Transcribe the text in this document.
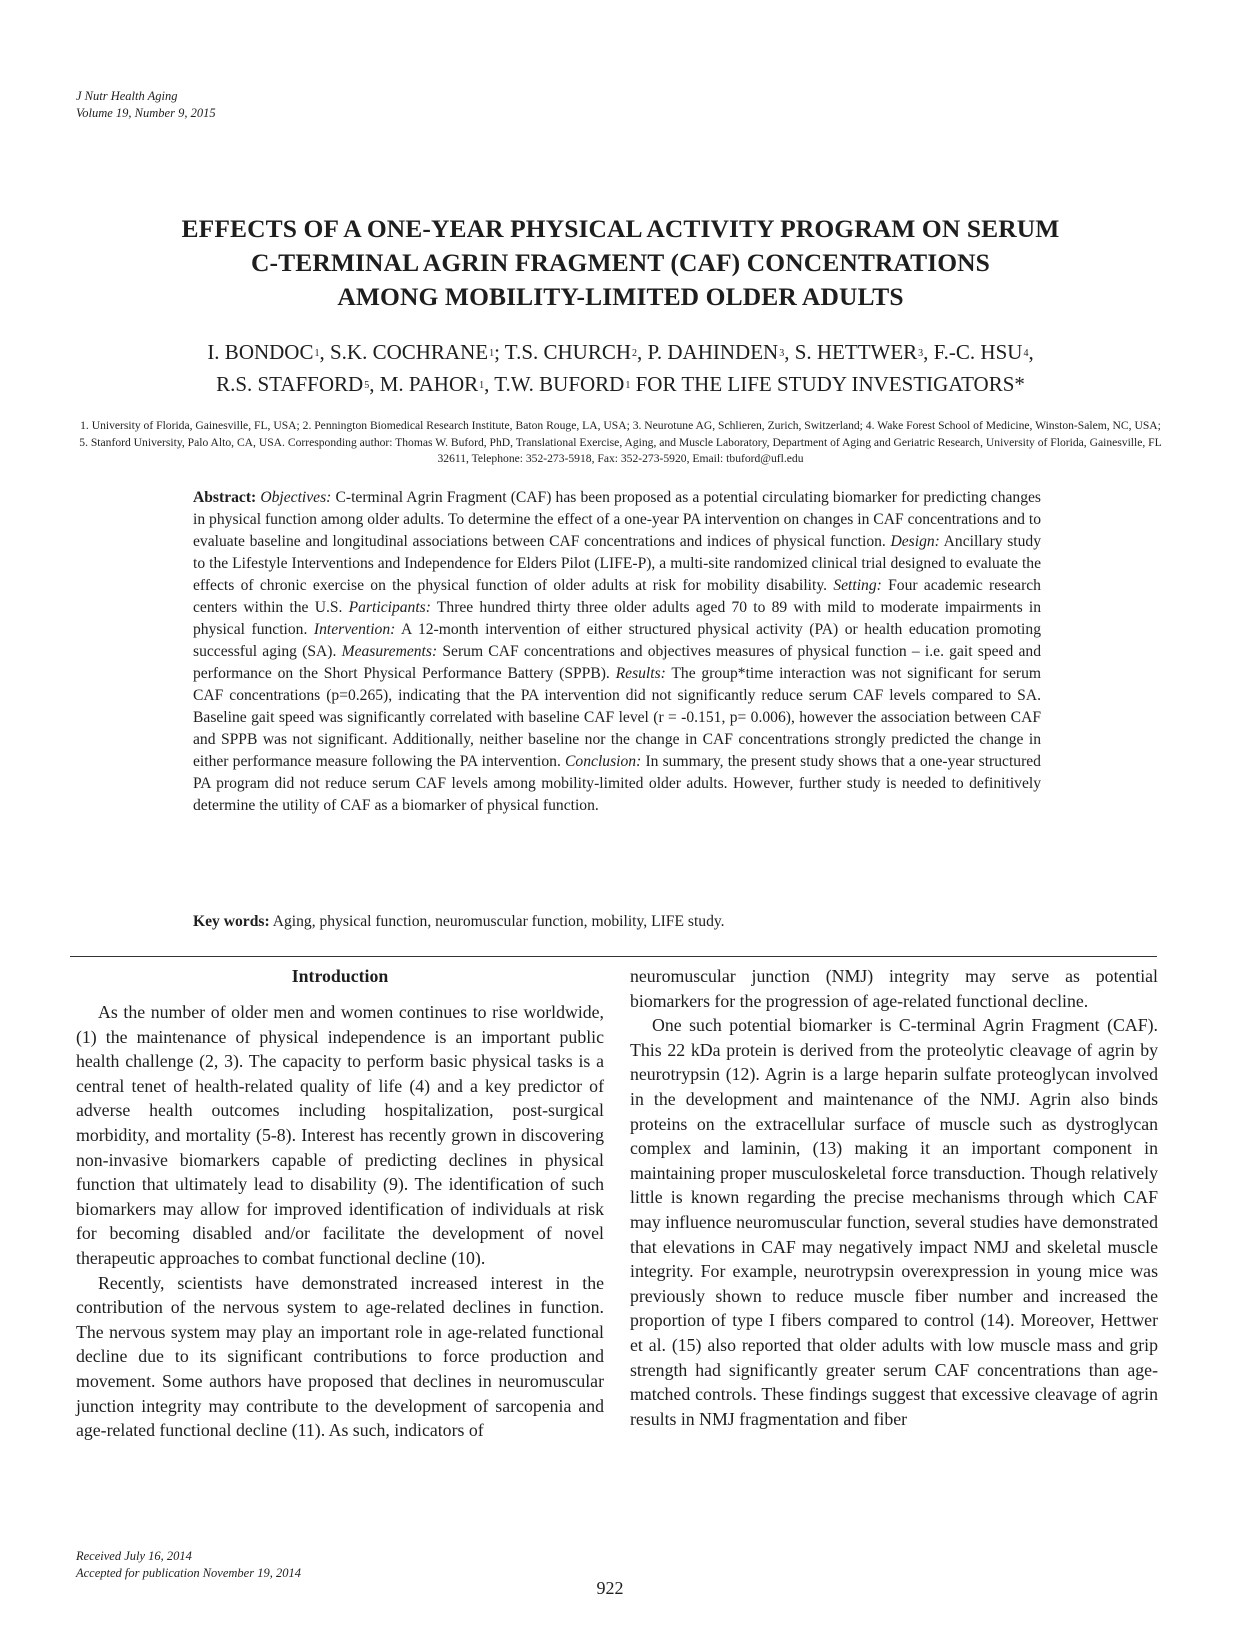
J Nutr Health Aging
Volume 19, Number 9, 2015
EFFECTS OF A ONE-YEAR PHYSICAL ACTIVITY PROGRAM ON SERUM
C-TERMINAL AGRIN FRAGMENT (CAF) CONCENTRATIONS
AMONG MOBILITY-LIMITED OLDER ADULTS
I. BONDOC$^1$, S.K. COCHRANE$^1$; T.S. CHURCH$^2$, P. DAHINDEN$^3$, S. HETTWER$^3$, F.-C. HSU$^4$,
R.S. STAFFORD$^5$, M. PAHOR$^1$, T.W. BUFORD$^1$ FOR THE LIFE STUDY INVESTIGATORS*
1. University of Florida, Gainesville, FL, USA; 2. Pennington Biomedical Research Institute, Baton Rouge, LA, USA; 3. Neurotune AG, Schlieren, Zurich, Switzerland; 4. Wake Forest School of Medicine, Winston-Salem, NC, USA; 5. Stanford University, Palo Alto, CA, USA. Corresponding author: Thomas W. Buford, PhD, Translational Exercise, Aging, and Muscle Laboratory, Department of Aging and Geriatric Research, University of Florida, Gainesville, FL 32611, Telephone: 352-273-5918, Fax: 352-273-5920, Email: tbuford@ufl.edu
Abstract: Objectives: C-terminal Agrin Fragment (CAF) has been proposed as a potential circulating biomarker for predicting changes in physical function among older adults. To determine the effect of a one-year PA intervention on changes in CAF concentrations and to evaluate baseline and longitudinal associations between CAF concentrations and indices of physical function. Design: Ancillary study to the Lifestyle Interventions and Independence for Elders Pilot (LIFE-P), a multi-site randomized clinical trial designed to evaluate the effects of chronic exercise on the physical function of older adults at risk for mobility disability. Setting: Four academic research centers within the U.S. Participants: Three hundred thirty three older adults aged 70 to 89 with mild to moderate impairments in physical function. Intervention: A 12-month intervention of either structured physical activity (PA) or health education promoting successful aging (SA). Measurements: Serum CAF concentrations and objectives measures of physical function – i.e. gait speed and performance on the Short Physical Performance Battery (SPPB). Results: The group*time interaction was not significant for serum CAF concentrations (p=0.265), indicating that the PA intervention did not significantly reduce serum CAF levels compared to SA. Baseline gait speed was significantly correlated with baseline CAF level (r = -0.151, p= 0.006), however the association between CAF and SPPB was not significant. Additionally, neither baseline nor the change in CAF concentrations strongly predicted the change in either performance measure following the PA intervention. Conclusion: In summary, the present study shows that a one-year structured PA program did not reduce serum CAF levels among mobility-limited older adults. However, further study is needed to definitively determine the utility of CAF as a biomarker of physical function.
Key words: Aging, physical function, neuromuscular function, mobility, LIFE study.
Introduction

As the number of older men and women continues to rise worldwide, (1) the maintenance of physical independence is an important public health challenge (2, 3). The capacity to perform basic physical tasks is a central tenet of health-related quality of life (4) and a key predictor of adverse health outcomes including hospitalization, post-surgical morbidity, and mortality (5-8). Interest has recently grown in discovering non-invasive biomarkers capable of predicting declines in physical function that ultimately lead to disability (9). The identification of such biomarkers may allow for improved identification of individuals at risk for becoming disabled and/or facilitate the development of novel therapeutic approaches to combat functional decline (10).

Recently, scientists have demonstrated increased interest in the contribution of the nervous system to age-related declines in function. The nervous system may play an important role in age-related functional decline due to its significant contributions to force production and movement. Some authors have proposed that declines in neuromuscular junction integrity may contribute to the development of sarcopenia and age-related functional decline (11). As such, indicators of

neuromuscular junction (NMJ) integrity may serve as potential biomarkers for the progression of age-related functional decline.

One such potential biomarker is C-terminal Agrin Fragment (CAF). This 22 kDa protein is derived from the proteolytic cleavage of agrin by neurotrypsin (12). Agrin is a large heparin sulfate proteoglycan involved in the development and maintenance of the NMJ. Agrin also binds proteins on the extracellular surface of muscle such as dystroglycan complex and laminin, (13) making it an important component in maintaining proper musculoskeletal force transduction. Though relatively little is known regarding the precise mechanisms through which CAF may influence neuromuscular function, several studies have demonstrated that elevations in CAF may negatively impact NMJ and skeletal muscle integrity. For example, neurotrypsin overexpression in young mice was previously shown to reduce muscle fiber number and increased the proportion of type I fibers compared to control (14). Moreover, Hettwer et al. (15) also reported that older adults with low muscle mass and grip strength had significantly greater serum CAF concentrations than age-matched controls. These findings suggest that excessive cleavage of agrin results in NMJ fragmentation and fiber

Received July 16, 2014
Accepted for publication November 19, 2014
922
